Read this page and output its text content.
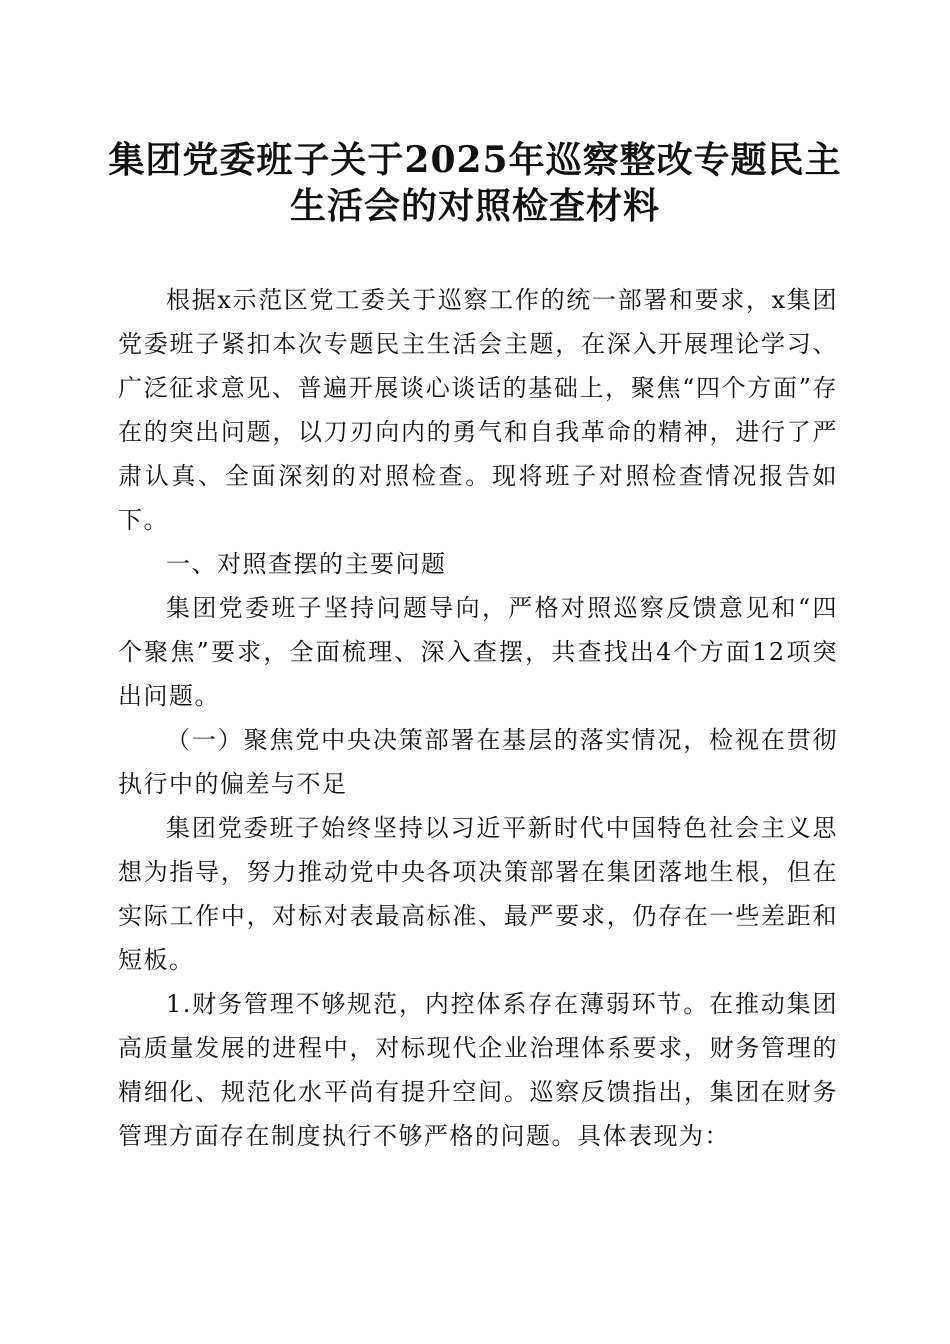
集团党委班子关于2025年巡察整改专题民主
生活会的对照检查材料

根据x示范区党工委关于巡察工作的统一部署和要求，x集团党委班子紧扣本次专题民主生活会主题，在深入开展理论学习、广泛征求意见、普遍开展谈心谈话的基础上，聚焦“四个方面”存在的突出问题，以刀刃向内的勇气和自我革命的精神，进行了严肃认真、全面深刻的对照检查。现将班子对照检查情况报告如下。

一、对照查摆的主要问题

集团党委班子坚持问题导向，严格对照巡察反馈意见和“四个聚焦”要求，全面梳理、深入查摆，共查找出4个方面12项突出问题。

（一）聚焦党中央决策部署在基层的落实情况，检视在贯彻执行中的偏差与不足

集团党委班子始终坚持以习近平新时代中国特色社会主义思想为指导，努力推动党中央各项决策部署在集团落地生根，但在实际工作中，对标对表最高标准、最严要求，仍存在一些差距和短板。

1.财务管理不够规范，内控体系存在薄弱环节。在推动集团高质量发展的进程中，对标现代企业治理体系要求，财务管理的精细化、规范化水平尚有提升空间。巡察反馈指出，集团在财务管理方面存在制度执行不够严格的问题。具体表现为：
